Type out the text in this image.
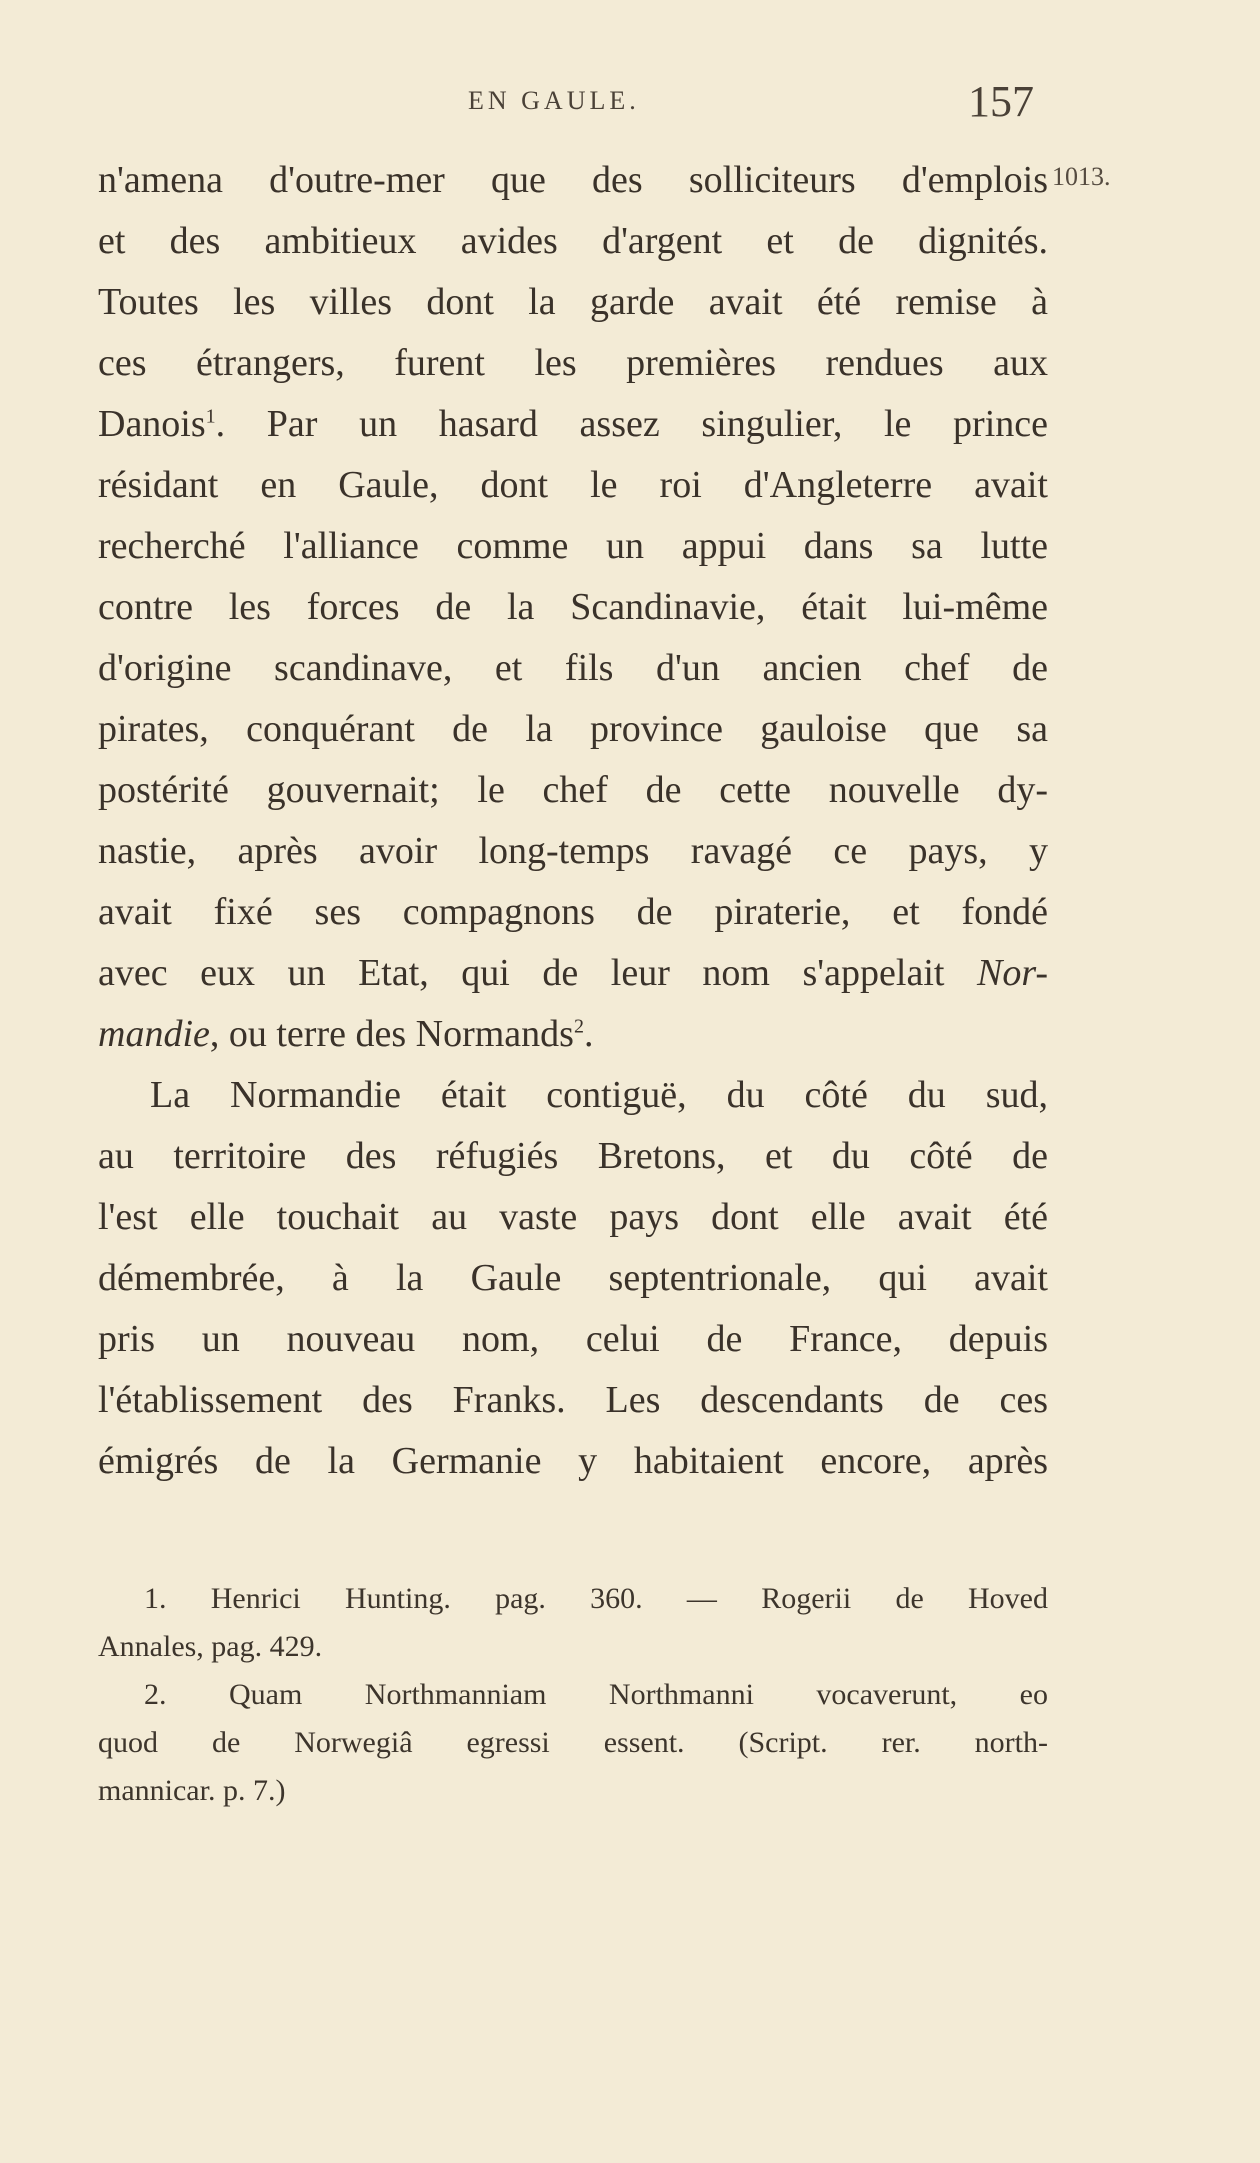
EN GAULE.	157
1013.
n'amena d'outre-mer que des solliciteurs d'emplois
et des ambitieux avides d'argent et de dignités.
Toutes les villes dont la garde avait été remise à
ces étrangers, furent les premières rendues aux
Danois$^1$. Par un hasard assez singulier, le prince
résidant en Gaule, dont le roi d'Angleterre avait
recherché l'alliance comme un appui dans sa lutte
contre les forces de la Scandinavie, était lui-même
d'origine scandinave, et fils d'un ancien chef de
pirates, conquérant de la province gauloise que sa
postérité gouvernait; le chef de cette nouvelle dy-
nastie, après avoir long-temps ravagé ce pays, y
avait fixé ses compagnons de piraterie, et fondé
avec eux un Etat, qui de leur nom s'appelait Nor-
mandie, ou terre des Normands$^2$.
La Normandie était contiguë, du côté du sud,
au territoire des réfugiés Bretons, et du côté de
l'est elle touchait au vaste pays dont elle avait été
démembrée, à la Gaule septentrionale, qui avait
pris un nouveau nom, celui de France, depuis
l'établissement des Franks. Les descendants de ces
émigrés de la Germanie y habitaient encore, après
1. Henrici Hunting. pag. 360. — Rogerii de Hoved
Annales, pag. 429.
2. Quam Northmanniam Northmanni vocaverunt, eo
quod de Norwegiâ egressi essent. (Script. rer. north-
mannicar. p. 7.)
